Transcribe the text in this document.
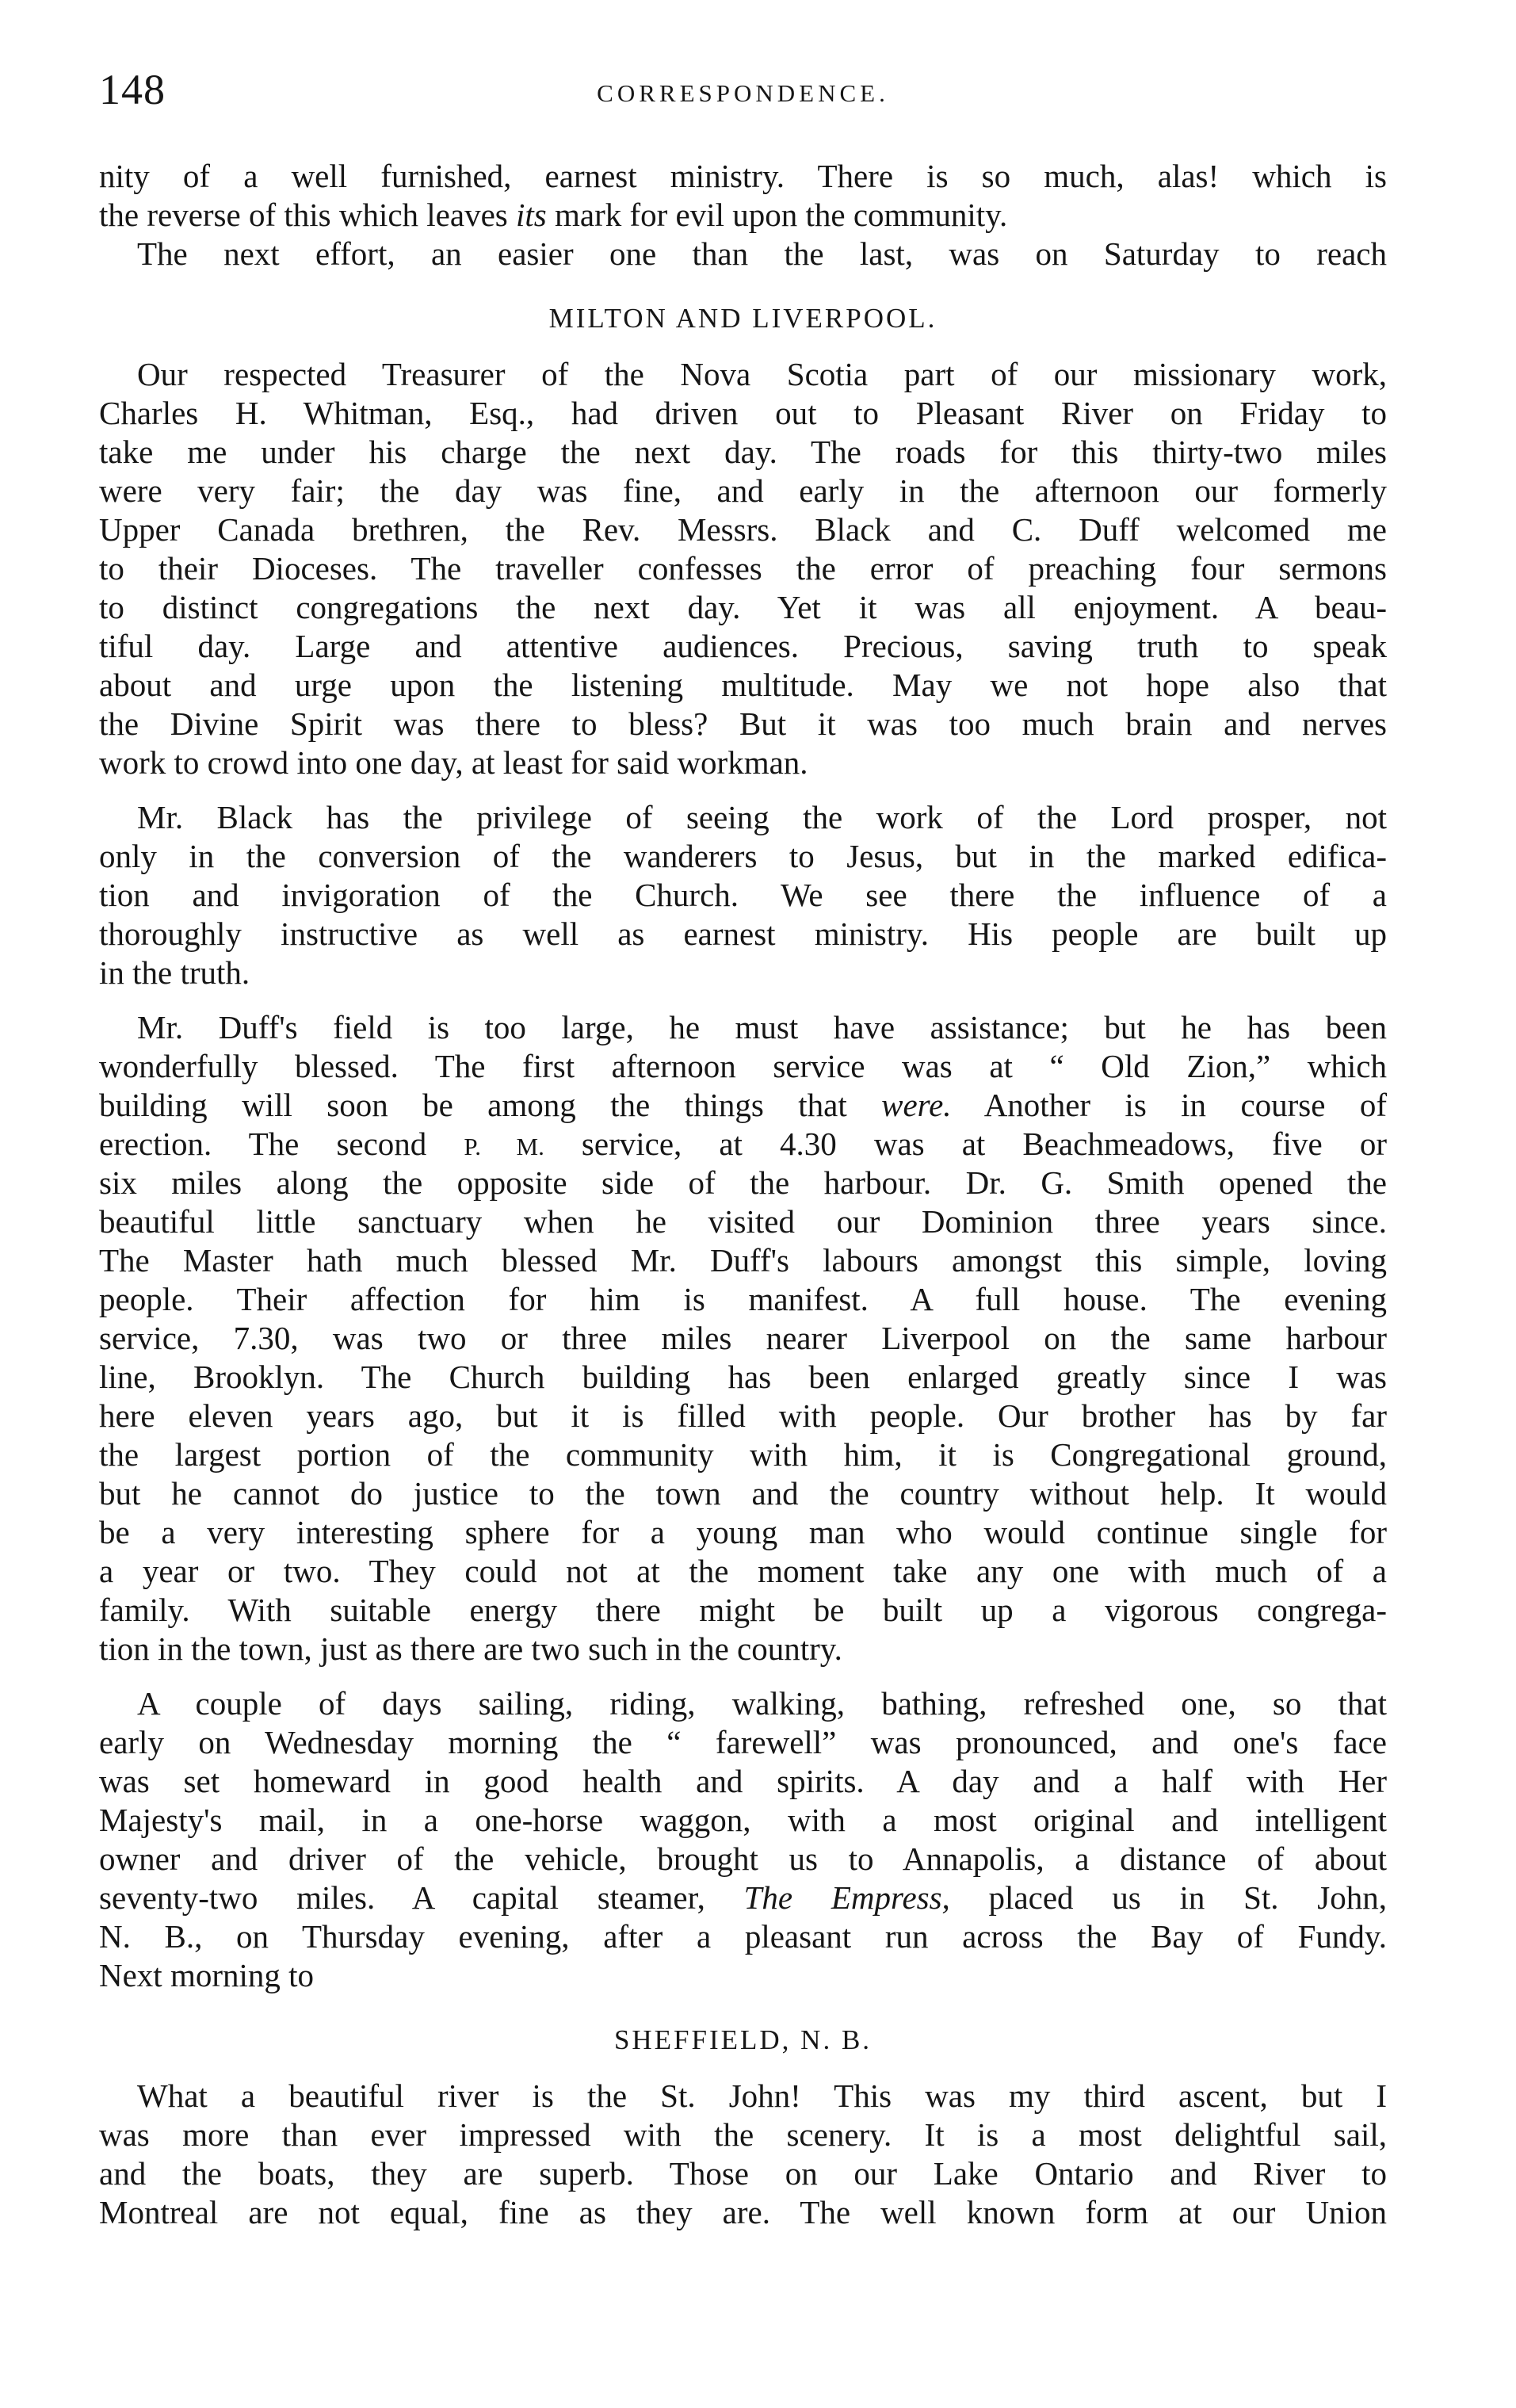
148	CORRESPONDENCE.
nity of a well furnished, earnest ministry. There is so much, alas! which is
the reverse of this which leaves its mark for evil upon the community.
The next effort, an easier one than the last, was on Saturday to reach
MILTON AND LIVERPOOL.
Our respected Treasurer of the Nova Scotia part of our missionary work,
Charles H. Whitman, Esq., had driven out to Pleasant River on Friday to
take me under his charge the next day. The roads for this thirty-two miles
were very fair; the day was fine, and early in the afternoon our formerly
Upper Canada brethren, the Rev. Messrs. Black and C. Duff welcomed me
to their Dioceses. The traveller confesses the error of preaching four sermons
to distinct congregations the next day. Yet it was all enjoyment. A beau-
tiful day. Large and attentive audiences. Precious, saving truth to speak
about and urge upon the listening multitude. May we not hope also that
the Divine Spirit was there to bless? But it was too much brain and nerves
work to crowd into one day, at least for said workman.
Mr. Black has the privilege of seeing the work of the Lord prosper, not
only in the conversion of the wanderers to Jesus, but in the marked edifica-
tion and invigoration of the Church. We see there the influence of a
thoroughly instructive as well as earnest ministry. His people are built up
in the truth.
Mr. Duff's field is too large, he must have assistance; but he has been
wonderfully blessed. The first afternoon service was at “ Old Zion,” which
building will soon be among the things that were. Another is in course of
erection. The second P. M. service, at 4.30 was at Beachmeadows, five or
six miles along the opposite side of the harbour. Dr. G. Smith opened the
beautiful little sanctuary when he visited our Dominion three years since.
The Master hath much blessed Mr. Duff's labours amongst this simple, loving
people. Their affection for him is manifest. A full house. The evening
service, 7.30, was two or three miles nearer Liverpool on the same harbour
line, Brooklyn. The Church building has been enlarged greatly since I was
here eleven years ago, but it is filled with people. Our brother has by far
the largest portion of the community with him, it is Congregational ground,
but he cannot do justice to the town and the country without help. It would
be a very interesting sphere for a young man who would continue single for
a year or two. They could not at the moment take any one with much of a
family. With suitable energy there might be built up a vigorous congrega-
tion in the town, just as there are two such in the country.
A couple of days sailing, riding, walking, bathing, refreshed one, so that
early on Wednesday morning the “ farewell” was pronounced, and one's face
was set homeward in good health and spirits. A day and a half with Her
Majesty's mail, in a one-horse waggon, with a most original and intelligent
owner and driver of the vehicle, brought us to Annapolis, a distance of about
seventy-two miles. A capital steamer, The Empress, placed us in St. John,
N. B., on Thursday evening, after a pleasant run across the Bay of Fundy.
Next morning to
SHEFFIELD, N. B.
What a beautiful river is the St. John! This was my third ascent, but I
was more than ever impressed with the scenery. It is a most delightful sail,
and the boats, they are superb. Those on our Lake Ontario and River to
Montreal are not equal, fine as they are. The well known form at our Union
